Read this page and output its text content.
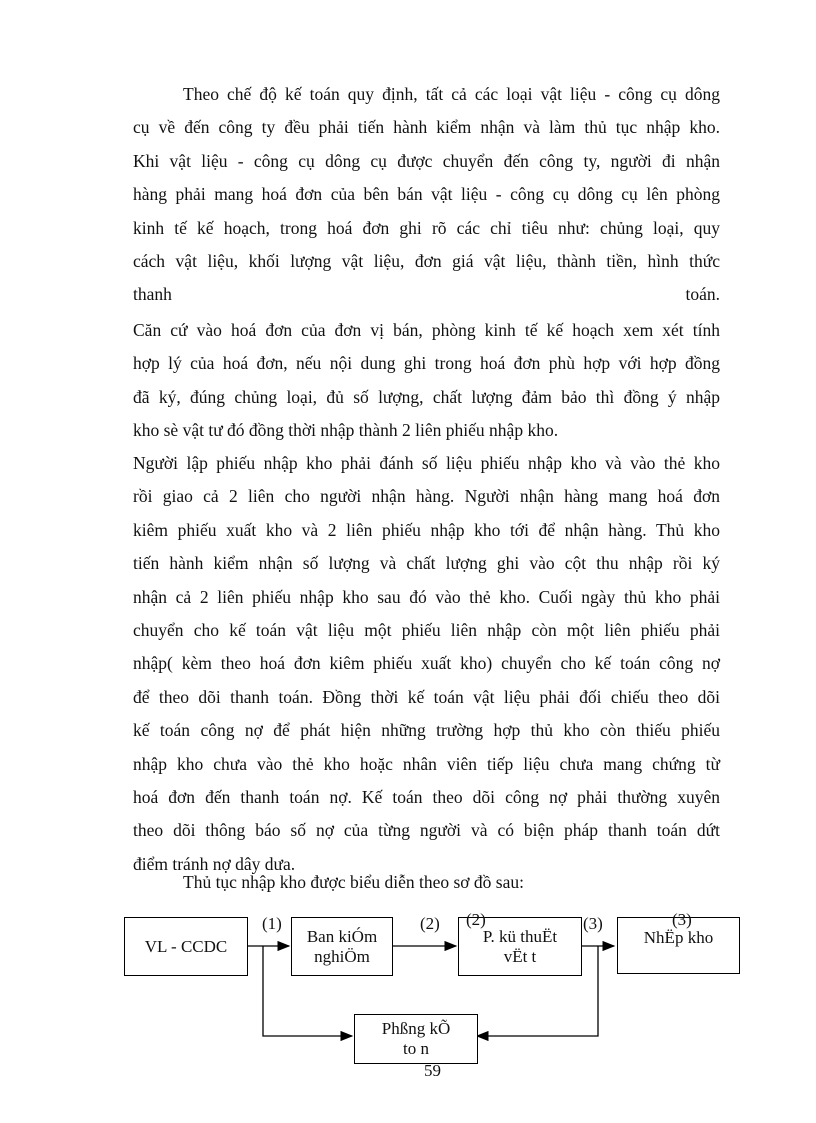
Theo chế độ kế toán quy định, tất cả các loại vật liệu - công cụ dông
cụ về đến công ty đều phải tiến hành kiểm nhận và làm thủ tục nhập kho.
Khi vật liệu - công cụ dông cụ được chuyển đến công ty, người đi nhận
hàng phải mang hoá đơn của bên bán vật liệu - công cụ dông cụ lên phòng
kinh tế kế hoạch, trong hoá đơn ghi rõ các chỉ tiêu như: chủng loại, quy
cách vật liệu, khối lượng vật liệu, đơn giá vật liệu, thành tiền, hình thức
thanh toán.
Căn cứ vào hoá đơn của đơn vị bán, phòng kinh tế kế hoạch xem xét tính
hợp lý của hoá đơn, nếu nội dung ghi trong hoá đơn phù hợp với hợp đồng
đã ký, đúng chủng loại, đủ số lượng, chất lượng đảm bảo thì đồng ý nhập
kho sè vật tư đó đồng thời nhập thành 2 liên phiếu nhập kho.
Người lập phiếu nhập kho phải đánh số liệu phiếu nhập kho và vào thẻ kho
rồi giao cả 2 liên cho người nhận hàng. Người nhận hàng mang hoá đơn
kiêm phiếu xuất kho và 2 liên phiếu nhập kho tới để nhận hàng. Thủ kho
tiến hành kiểm nhận số lượng và chất lượng ghi vào cột thu nhập rồi ký
nhận cả 2 liên phiếu nhập kho sau đó vào thẻ kho. Cuối ngày thủ kho phải
chuyển cho kế toán vật liệu một phiếu liên nhập còn một liên phiếu phải
nhập( kèm theo hoá đơn kiêm phiếu xuất kho) chuyển cho kế toán công nợ
để theo dõi thanh toán. Đồng thời kế toán vật liệu phải đối chiếu theo dõi
kế toán công nợ để phát hiện những trường hợp thủ kho còn thiếu phiếu
nhập kho chưa vào thẻ kho hoặc nhân viên tiếp liệu chưa mang chứng từ
hoá đơn đến thanh toán nợ. Kế toán theo dõi công nợ phải thường xuyên
theo dõi thông báo số nợ của từng người và có biện pháp thanh toán dứt
điểm tránh nợ dây dưa.
Thủ tục nhập kho được biểu diễn theo sơ đồ sau:
VL - CCDC
Ban kiÓm
nghiÖm
P. kü thuËt
vËt t
NhËp kho
Phßng kÕ
to n
(1)	(2)	(3)
59
